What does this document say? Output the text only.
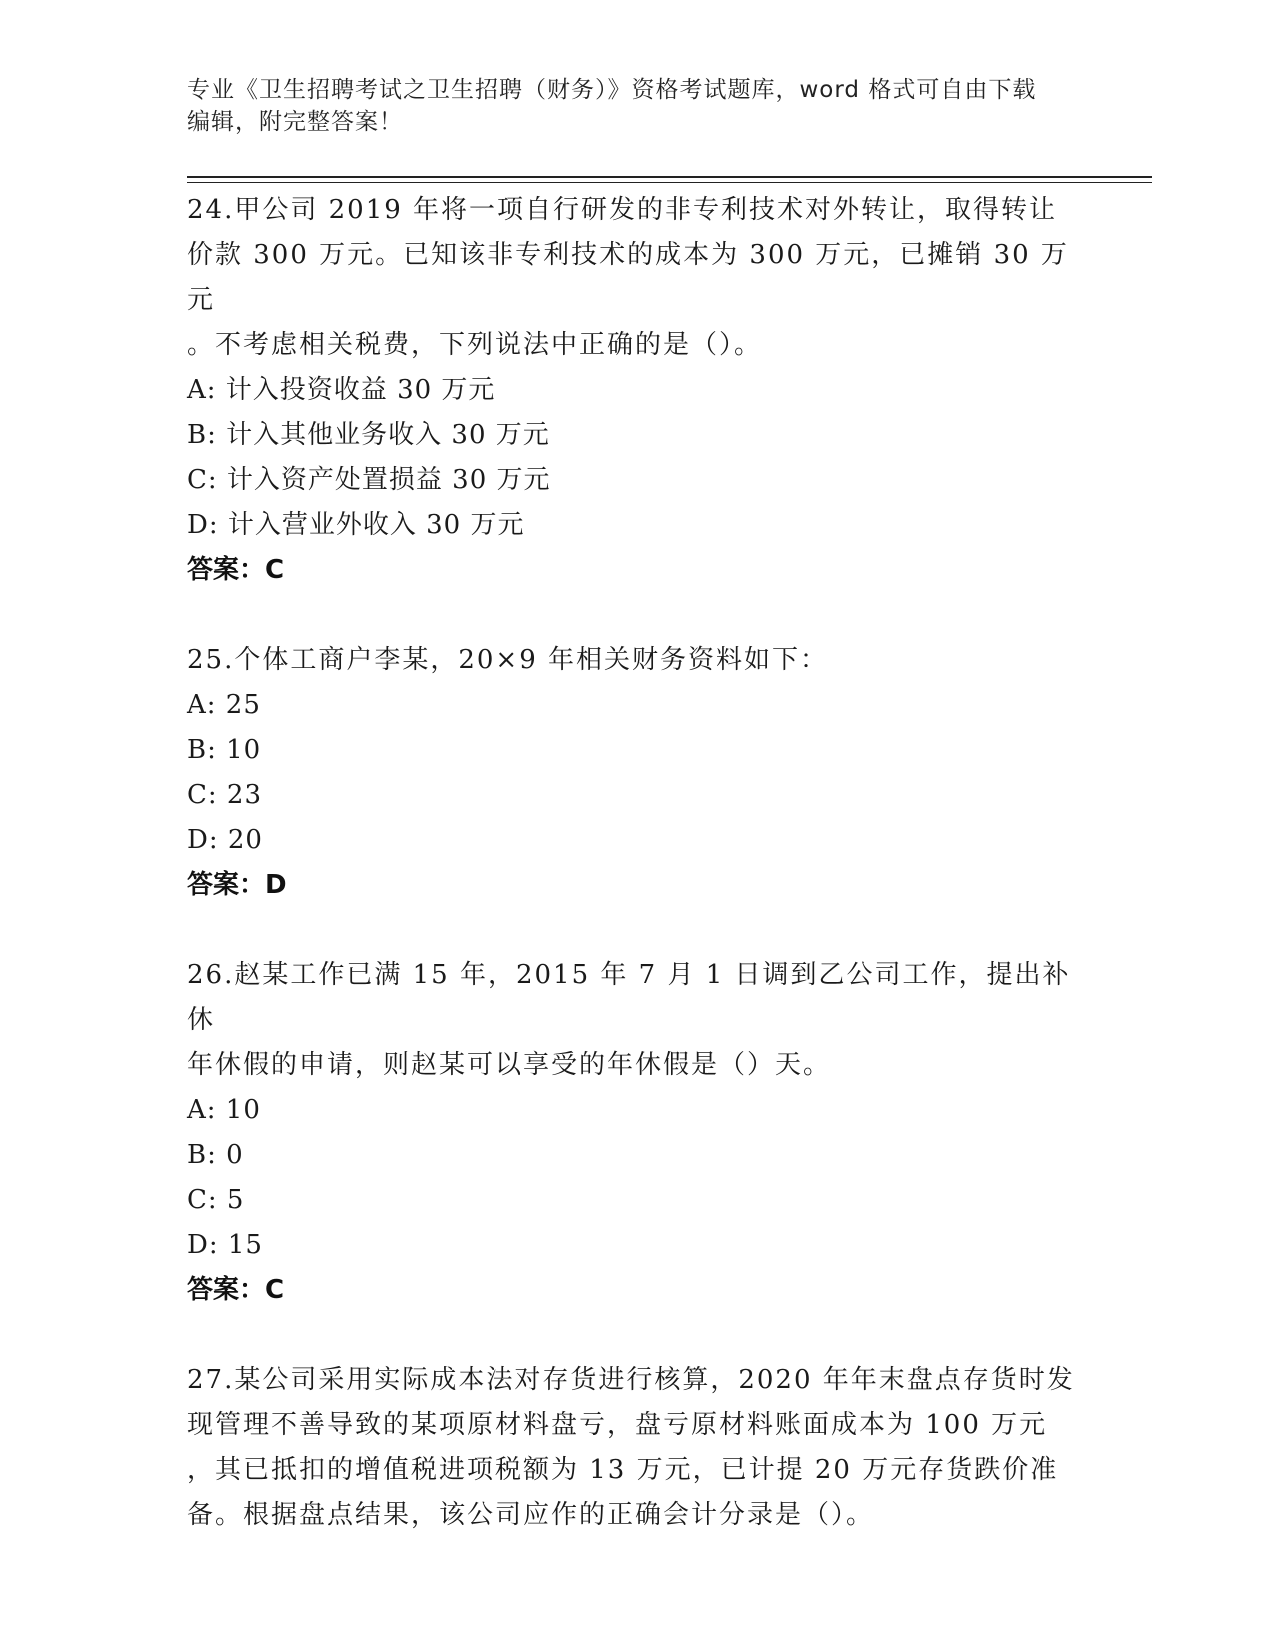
专业《卫生招聘考试之卫生招聘（财务）》资格考试题库，word 格式可自由下载
编辑，附完整答案！

24.甲公司 2019 年将一项自行研发的非专利技术对外转让，取得转让
价款 300 万元。已知该非专利技术的成本为 300 万元，已摊销 30 万元
。不考虑相关税费，下列说法中正确的是（）。

A: 计入投资收益 30 万元

B: 计入其他业务收入 30 万元

C: 计入资产处置损益 30 万元

D: 计入营业外收入 30 万元

答案：C

25.个体工商户李某，20×9 年相关财务资料如下：

A: 25

B: 10

C: 23

D: 20

答案：D

26.赵某工作已满 15 年，2015 年 7 月 1 日调到乙公司工作，提出补休
年休假的申请，则赵某可以享受的年休假是（）天。

A: 10

B: 0

C: 5

D: 15

答案：C

27.某公司采用实际成本法对存货进行核算，2020 年年末盘点存货时发
现管理不善导致的某项原材料盘亏，盘亏原材料账面成本为 100 万元
，其已抵扣的增值税进项税额为 13 万元，已计提 20 万元存货跌价准
备。根据盘点结果，该公司应作的正确会计分录是（）。
